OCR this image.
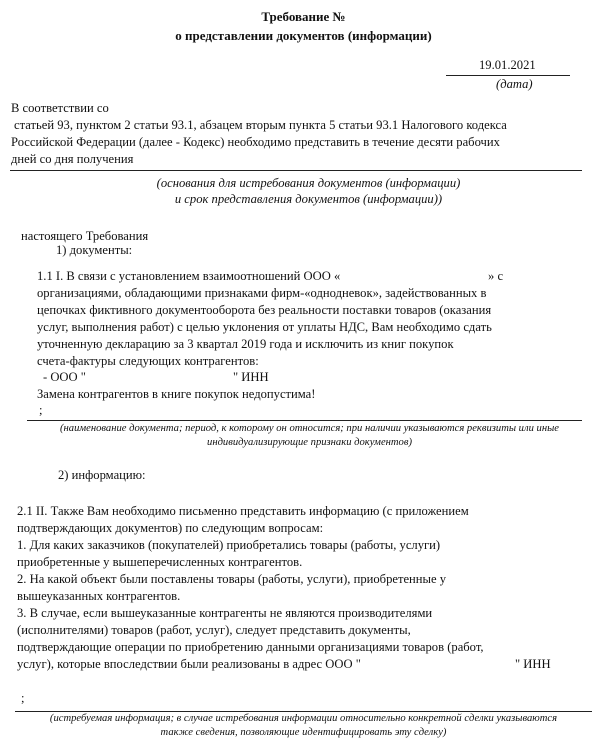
Требование №
о представлении документов (информации)
19.01.2021
(дата)
В соответствии со
статьей 93, пунктом 2 статьи 93.1, абзацем вторым пункта 5 статьи 93.1 Налогового кодекса
Российской Федерации (далее - Кодекс) необходимо представить в течение десяти рабочих
дней со дня получения
(основания для истребования документов (информации)
и срок представления документов (информации))
настоящего Требования
1) документы:
1.1 I. В связи с установлением взаимоотношений ООО «	» с
организациями, обладающими признаками фирм-«однодневок», задействованных в
цепочках фиктивного документооборота без реальности поставки товаров (оказания
услуг, выполнения работ) с целью уклонения от уплаты НДС, Вам необходимо сдать
уточненную декларацию за 3 квартал 2019 года и исключить из книг покупок
счета-фактуры следующих контрагентов:
- ООО "	" ИНН
Замена контрагентов в книге покупок недопустима!
;
(наименование документа; период, к которому он относится; при наличии указываются реквизиты или иные
индивидуализирующие признаки документов)
2) информацию:
2.1 II. Также Вам необходимо письменно представить информацию (с приложением
подтверждающих документов) по следующим вопросам:
1. Для каких заказчиков (покупателей) приобретались товары (работы, услуги)
приобретенные у вышеперечисленных контрагентов.
2. На какой объект были поставлены товары (работы, услуги), приобретенные у
вышеуказанных контрагентов.
3. В случае, если вышеуказанные контрагенты не являются производителями
(исполнителями) товаров (работ, услуг), следует представить документы,
подтверждающие операции по приобретению данными организациями товаров (работ,
услуг), которые впоследствии были реализованы в адрес ООО "	" ИНН
;
(истребуемая информация; в случае истребования информации относительно конкретной сделки указываются
также сведения, позволяющие идентифицировать эту сделку)
